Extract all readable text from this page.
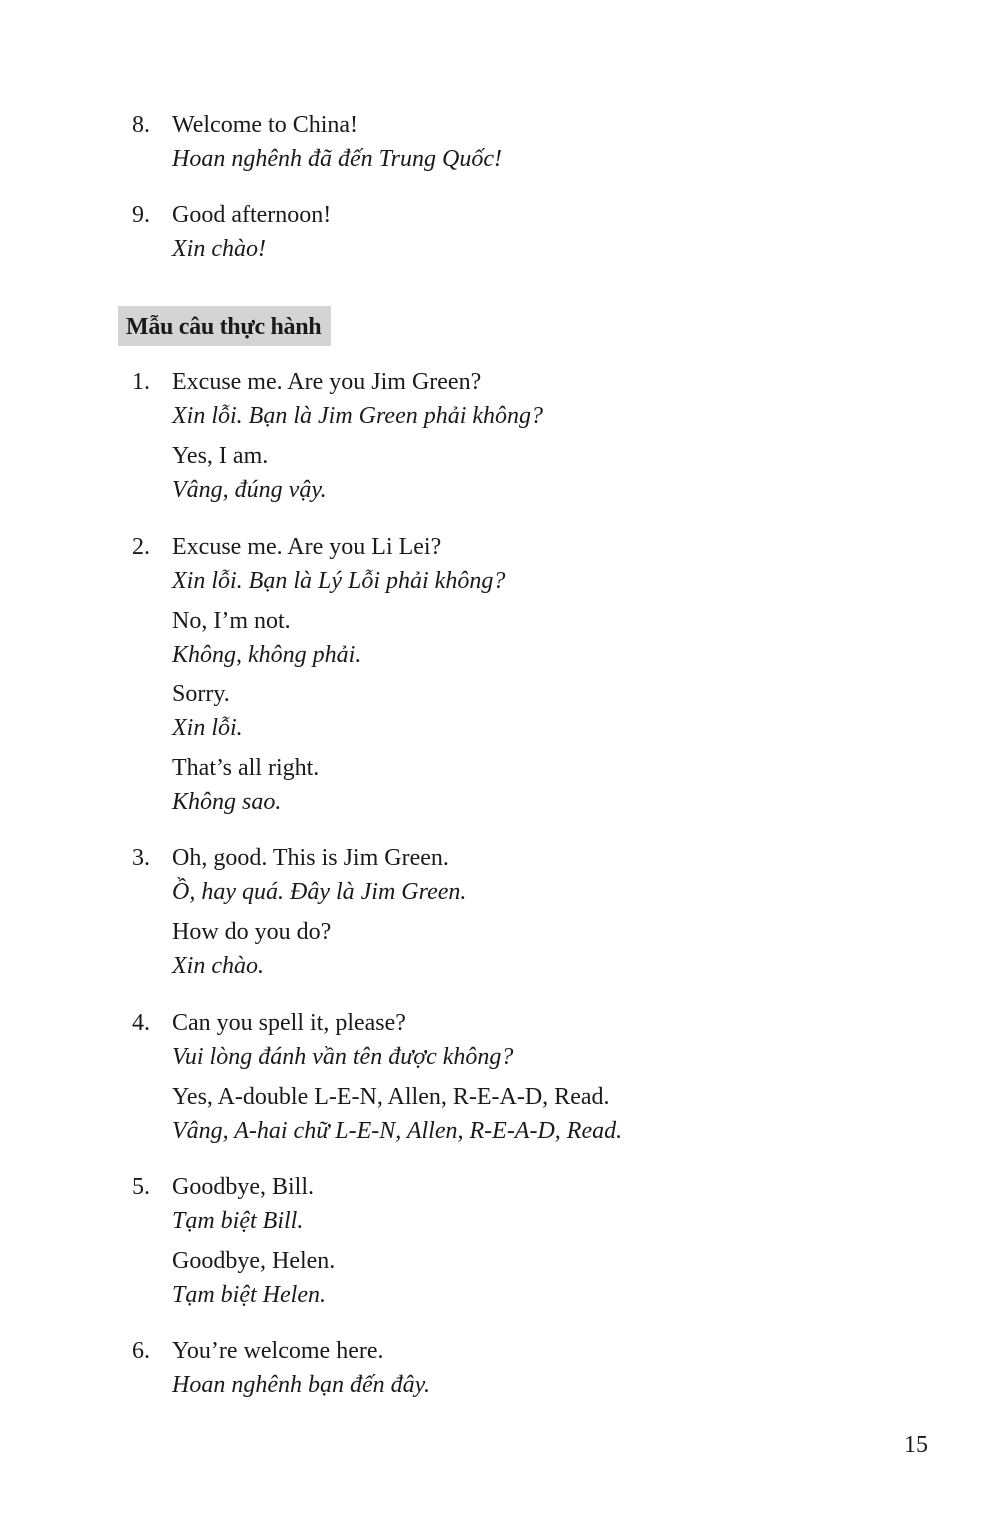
8. Welcome to China!
Hoan nghênh đã đến Trung Quốc!
9. Good afternoon!
Xin chào!
Mẫu câu thực hành
1. Excuse me. Are you Jim Green?
Xin lỗi. Bạn là Jim Green phải không?
Yes, I am.
Vâng, đúng vậy.
2. Excuse me. Are you Li Lei?
Xin lỗi. Bạn là Lý Lỗi phải không?
No, I’m not.
Không, không phải.
Sorry.
Xin lỗi.
That’s all right.
Không sao.
3. Oh, good. This is Jim Green.
Ồ, hay quá. Đây là Jim Green.
How do you do?
Xin chào.
4. Can you spell it, please?
Vui lòng đánh vần tên được không?
Yes, A-double L-E-N, Allen, R-E-A-D, Read.
Vâng, A-hai chữ L-E-N, Allen, R-E-A-D, Read.
5. Goodbye, Bill.
Tạm biệt Bill.
Goodbye, Helen.
Tạm biệt Helen.
6. You’re welcome here.
Hoan nghênh bạn đến đây.
15
